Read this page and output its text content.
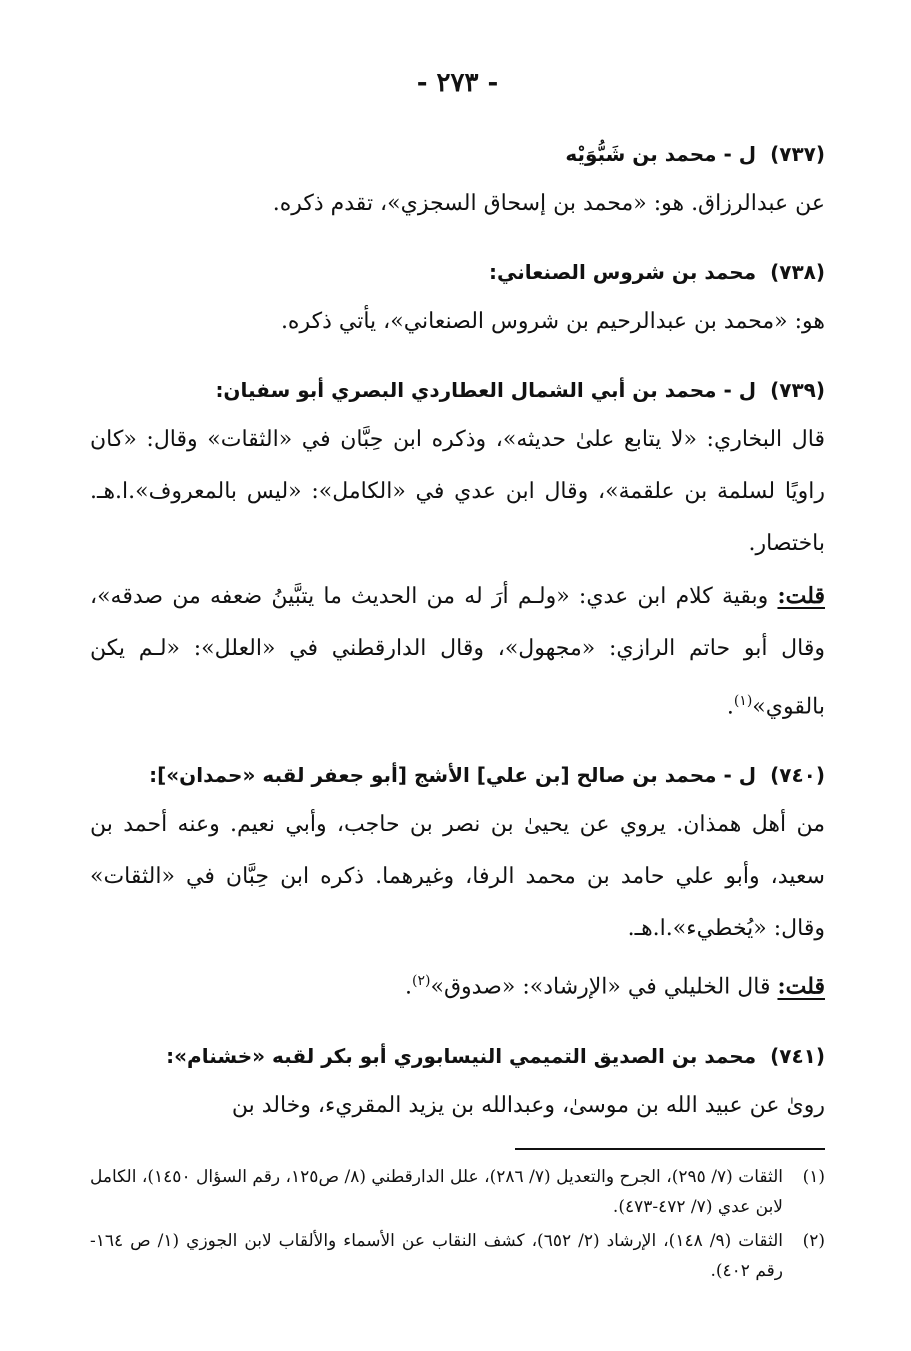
- ٢٧٣ -
(٧٣٧)ل - محمد بن شَبُّوَيْه
عن عبدالرزاق. هو: «محمد بن إسحاق السجزي»، تقدم ذكره.
(٧٣٨)محمد بن شروس الصنعاني:
هو: «محمد بن عبدالرحيم بن شروس الصنعاني»، يأتي ذكره.
(٧٣٩)ل - محمد بن أبي الشمال العطاردي البصري أبو سفيان:
قال البخاري: «لا يتابع علىٰ حديثه»، وذكره ابن حِبَّان في «الثقات» وقال: «كان راويًا لسلمة بن علقمة»، وقال ابن عدي في «الكامل»: «ليس بالمعروف».ا.هـ. باختصار.
قلت: وبقية كلام ابن عدي: «ولـم أرَ له من الحديث ما يتبَّينُ ضعفه من صدقه»، وقال أبو حاتم الرازي: «مجهول»، وقال الدارقطني في «العلل»: «لـم يكن بالقوي»$^{(١)}$.
(٧٤٠)ل - محمد بن صالح [بن علي] الأشج [أبو جعفر لقبه «حمدان»]:
من أهل همذان. يروي عن يحيىٰ بن نصر بن حاجب، وأبي نعيم. وعنه أحمد بن سعيد، وأبو علي حامد بن محمد الرفا، وغيرهما. ذكره ابن حِبَّان في «الثقات» وقال: «يُخطيء».ا.هـ.
قلت: قال الخليلي في «الإرشاد»: «صدوق»$^{(٢)}$.
(٧٤١)محمد بن الصديق التميمي النيسابوري أبو بكر لقبه «خشنام»:
روىٰ عن عبيد الله بن موسىٰ، وعبدالله بن يزيد المقريء، وخالد بن
(١)
الثقات (٧/ ٢٩٥)، الجرح والتعديل (٧/ ٢٨٦)، علل الدارقطني (٨/ ص١٢٥، رقم السؤال ١٤٥٠)، الكامل لابن عدي (٧/ ٤٧٢-٤٧٣).
(٢)
الثقات (٩/ ١٤٨)، الإرشاد (٢/ ٦٥٢)، كشف النقاب عن الأسماء والألقاب لابن الجوزي (١/ ص ١٦٤-رقم ٤٠٢).
